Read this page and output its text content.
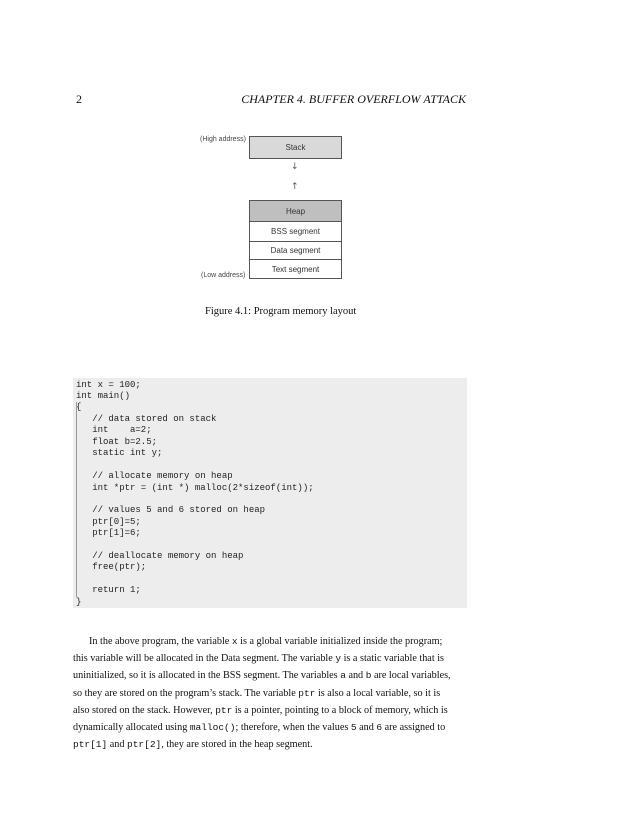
2	CHAPTER 4. BUFFER OVERFLOW ATTACK
(High address)
Stack
↓
↑
Heap
BSS segment
Data segment
Text segment
(Low address)
Figure 4.1: Program memory layout
int x = 100;
int main()
{
// data stored on stack
int    a=2;
float b=2.5;
static int y;
// allocate memory on heap
int *ptr = (int *) malloc(2*sizeof(int));
// values 5 and 6 stored on heap
ptr[0]=5;
ptr[1]=6;
// deallocate memory on heap
free(ptr);
return 1;
}
In the above program, the variable x is a global variable initialized inside the program;
this variable will be allocated in the Data segment. The variable y is a static variable that is
uninitialized, so it is allocated in the BSS segment. The variables a and b are local variables,
so they are stored on the program’s stack. The variable ptr is also a local variable, so it is
also stored on the stack. However, ptr is a pointer, pointing to a block of memory, which is
dynamically allocated using malloc(); therefore, when the values 5 and 6 are assigned to
ptr[1] and ptr[2], they are stored in the heap segment.
